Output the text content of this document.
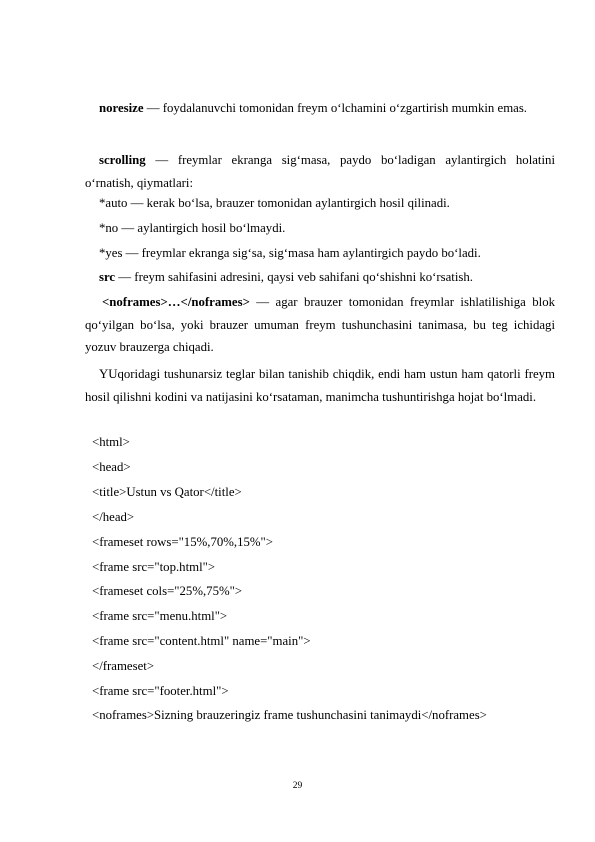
noresize — foydalanuvchi tomonidan freym o‘lchamini o‘zgartirish mumkin emas.

scrolling — freymlar ekranga sig‘masa, paydo bo‘ladigan aylantirgich holatini o‘rnatish, qiymatlari:

*auto — kerak bo‘lsa, brauzer tomonidan aylantirgich hosil qilinadi.
*no — aylantirgich hosil bo‘lmaydi.
*yes — freymlar ekranga sig‘sa, sig‘masa ham aylantirgich paydo bo‘ladi.
src — freym sahifasini adresini, qaysi veb sahifani qo‘shishni ko‘rsatish.

<noframes>…</noframes> — agar brauzer tomonidan freymlar ishlatilishiga blok qo‘yilgan bo‘lsa, yoki brauzer umuman freym tushunchasini tanimasa, bu teg ichidagi yozuv brauzerga chiqadi.

YUqoridagi tushunarsiz teglar bilan tanishib chiqdik, endi ham ustun ham qatorli freym hosil qilishni kodini va natijasini ko‘rsataman, manimcha tushuntirishga hojat bo‘lmadi.

<html>
<head>
<title>Ustun vs Qator</title>
</head>
<frameset rows="15%,70%,15%">
<frame src="top.html">
<frameset cols="25%,75%">
<frame src="menu.html">
<frame src="content.html" name="main">
</frameset>
<frame src="footer.html">
<noframes>Sizning brauzeringiz frame tushunchasini tanimaydi</noframes>
29
